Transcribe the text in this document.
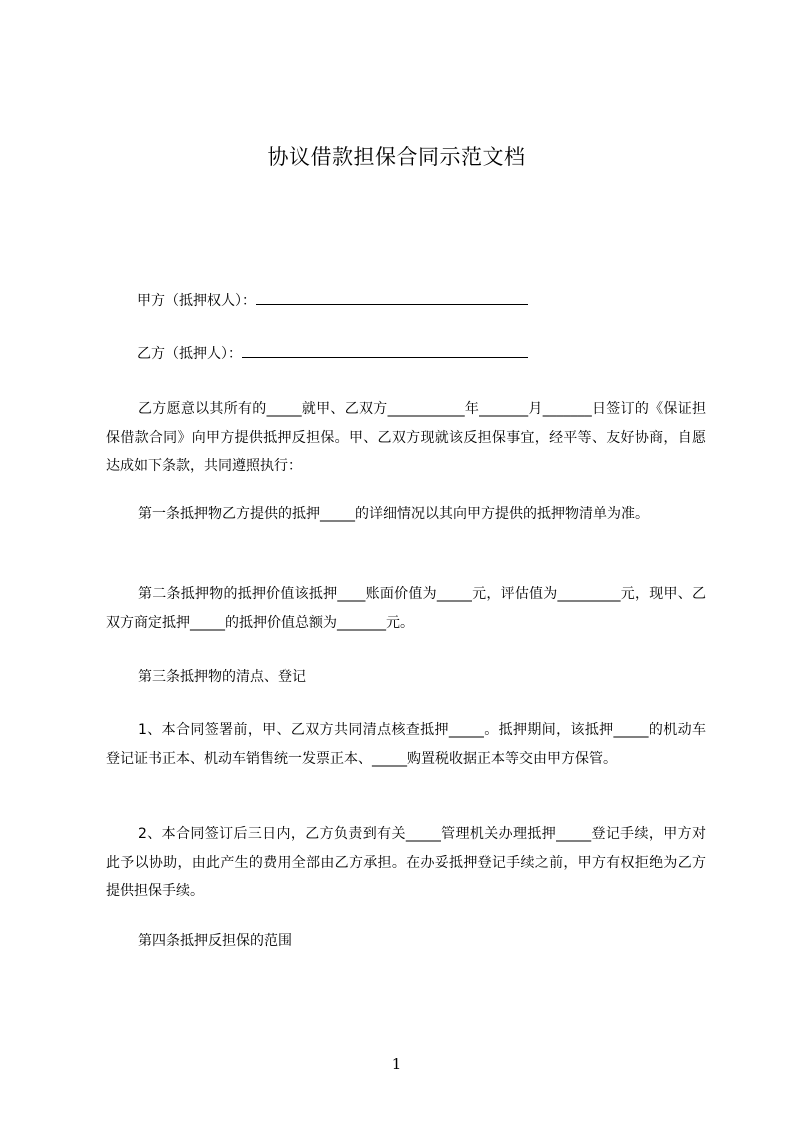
协议借款担保合同示范文档
甲方（抵押权人）：
乙方（抵押人）：
乙方愿意以其所有的_____就甲、乙双方___________年_______月_______日签订的《保证担保借款合同》向甲方提供抵押反担保。甲、乙双方现就该反担保事宜，经平等、友好协商，自愿达成如下条款，共同遵照执行：
第一条抵押物乙方提供的抵押_____的详细情况以其向甲方提供的抵押物清单为准。
第二条抵押物的抵押价值该抵押____账面价值为_____元，评估值为_________元，现甲、乙双方商定抵押_____的抵押价值总额为_______元。
第三条抵押物的清点、登记
1、本合同签署前，甲、乙双方共同清点核查抵押_____。抵押期间，该抵押_____的机动车登记证书正本、机动车销售统一发票正本、_____购置税收据正本等交由甲方保管。
2、本合同签订后三日内，乙方负责到有关_____管理机关办理抵押_____登记手续，甲方对此予以协助，由此产生的费用全部由乙方承担。在办妥抵押登记手续之前，甲方有权拒绝为乙方提供担保手续。
第四条抵押反担保的范围
1
